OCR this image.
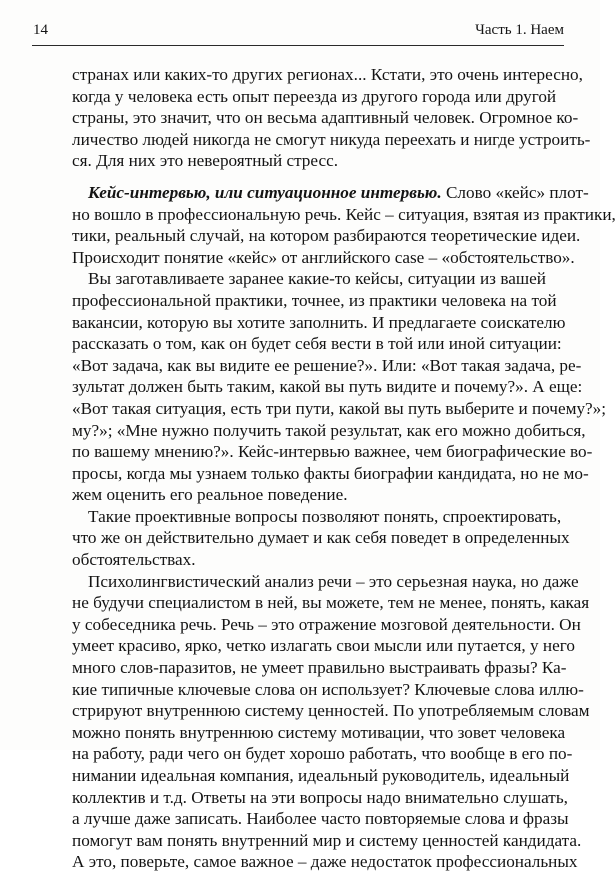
14	Часть 1. Наем
странах или каких-то других регионах... Кстати, это очень интересно,
когда у человека есть опыт переезда из другого города или другой
страны, это значит, что он весьма адаптивный человек. Огромное ко-
личество людей никогда не смогут никуда переехать и нигде устроить-
ся. Для них это невероятный стресс.
Кейс-интервью, или ситуационное интервью. Слово «кейс» плот-
но вошло в профессиональную речь. Кейс – ситуация, взятая из практики,
тики, реальный случай, на котором разбираются теоретические идеи.
Происходит понятие «кейс» от английского case – «обстоятельство».
Вы заготавливаете заранее какие-то кейсы, ситуации из вашей
профессиональной практики, точнее, из практики человека на той
вакансии, которую вы хотите заполнить. И предлагаете соискателю
рассказать о том, как он будет себя вести в той или иной ситуации:
«Вот задача, как вы видите ее решение?». Или: «Вот такая задача, ре-
зультат должен быть таким, какой вы путь видите и почему?». А еще:
«Вот такая ситуация, есть три пути, какой вы путь выберите и почему?»;
му?»; «Мне нужно получить такой результат, как его можно добиться,
по вашему мнению?». Кейс-интервью важнее, чем биографические во-
просы, когда мы узнаем только факты биографии кандидата, но не мо-
жем оценить его реальное поведение.
Такие проективные вопросы позволяют понять, спроектировать,
что же он действительно думает и как себя поведет в определенных
обстоятельствах.
Психолингвистический анализ речи – это серьезная наука, но даже
не будучи специалистом в ней, вы можете, тем не менее, понять, какая
у собеседника речь. Речь – это отражение мозговой деятельности. Он
умеет красиво, ярко, четко излагать свои мысли или путается, у него
много слов-паразитов, не умеет правильно выстраивать фразы? Ка-
кие типичные ключевые слова он использует? Ключевые слова иллю-
стрируют внутреннюю систему ценностей. По употребляемым словам
можно понять внутреннюю систему мотивации, что зовет человека
на работу, ради чего он будет хорошо работать, что вообще в его по-
нимании идеальная компания, идеальный руководитель, идеальный
коллектив и т.д. Ответы на эти вопросы надо внимательно слушать,
а лучше даже записать. Наиболее часто повторяемые слова и фразы
помогут вам понять внутренний мир и систему ценностей кандидата.
А это, поверьте, самое важное – даже недостаток профессиональных
